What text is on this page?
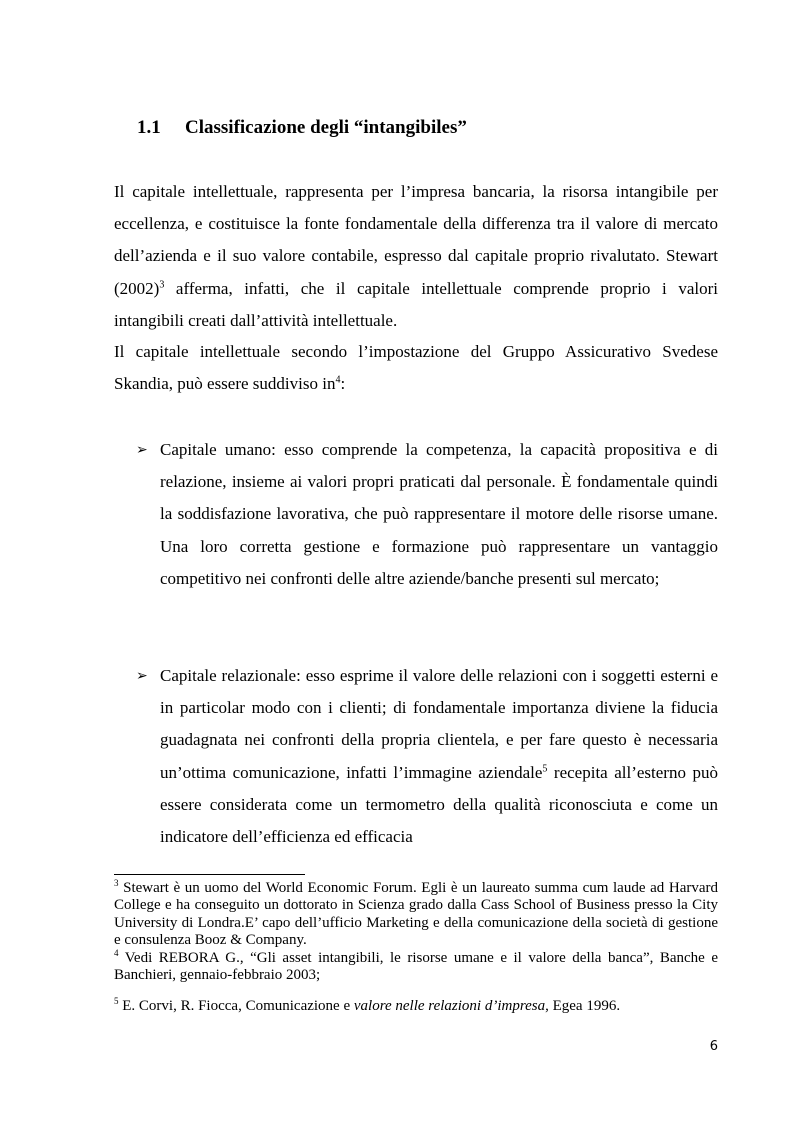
1.1 Classificazione degli “intangibiles”

Il capitale intellettuale, rappresenta per l’impresa bancaria, la risorsa intangibile per eccellenza, e costituisce la fonte fondamentale della differenza tra il valore di mercato dell’azienda e il suo valore contabile, espresso dal capitale proprio rivalutato. Stewart $(2002)^3$ afferma, infatti, che il capitale intellettuale comprende proprio i valori intangibili creati dall’attività intellettuale.

Il capitale intellettuale secondo l’impostazione del Gruppo Assicurativo Svedese Skandia, può essere suddiviso $in^4$:

➢ Capitale umano: esso comprende la competenza, la capacità propositiva e di relazione, insieme ai valori propri praticati dal personale. È fondamentale quindi la soddisfazione lavorativa, che può rappresentare il motore delle risorse umane. Una loro corretta gestione e formazione può rappresentare un vantaggio competitivo nei confronti delle altre aziende/banche presenti sul mercato;
➢ Capitale relazionale: esso esprime il valore delle relazioni con i soggetti esterni e in particolar modo con i clienti; di fondamentale importanza diviene la fiducia guadagnata nei confronti della propria clientela, e per fare questo è necessaria un’ottima comunicazione, infatti l’immagine aziendale$^5$ recepita all’esterno può essere considerata come un termometro della qualità riconosciuta e come un indicatore dell’efficienza ed efficacia

$^3$ Stewart è un uomo del World Economic Forum. Egli è un laureato summa cum laude ad Harvard College e ha conseguito un dottorato in Scienza grado dalla Cass School of Business presso la City University di Londra.E’ capo dell’ufficio Marketing e della comunicazione della società di gestione e consulenza Booz & Company.

$^4$ Vedi REBORA G., “Gli asset intangibili, le risorse umane e il valore della banca”, Banche e Banchieri, gennaio-febbraio 2003;

$^5$ E. Corvi, R. Fiocca, Comunicazione e valore nelle relazioni d’impresa, Egea 1996.

6
